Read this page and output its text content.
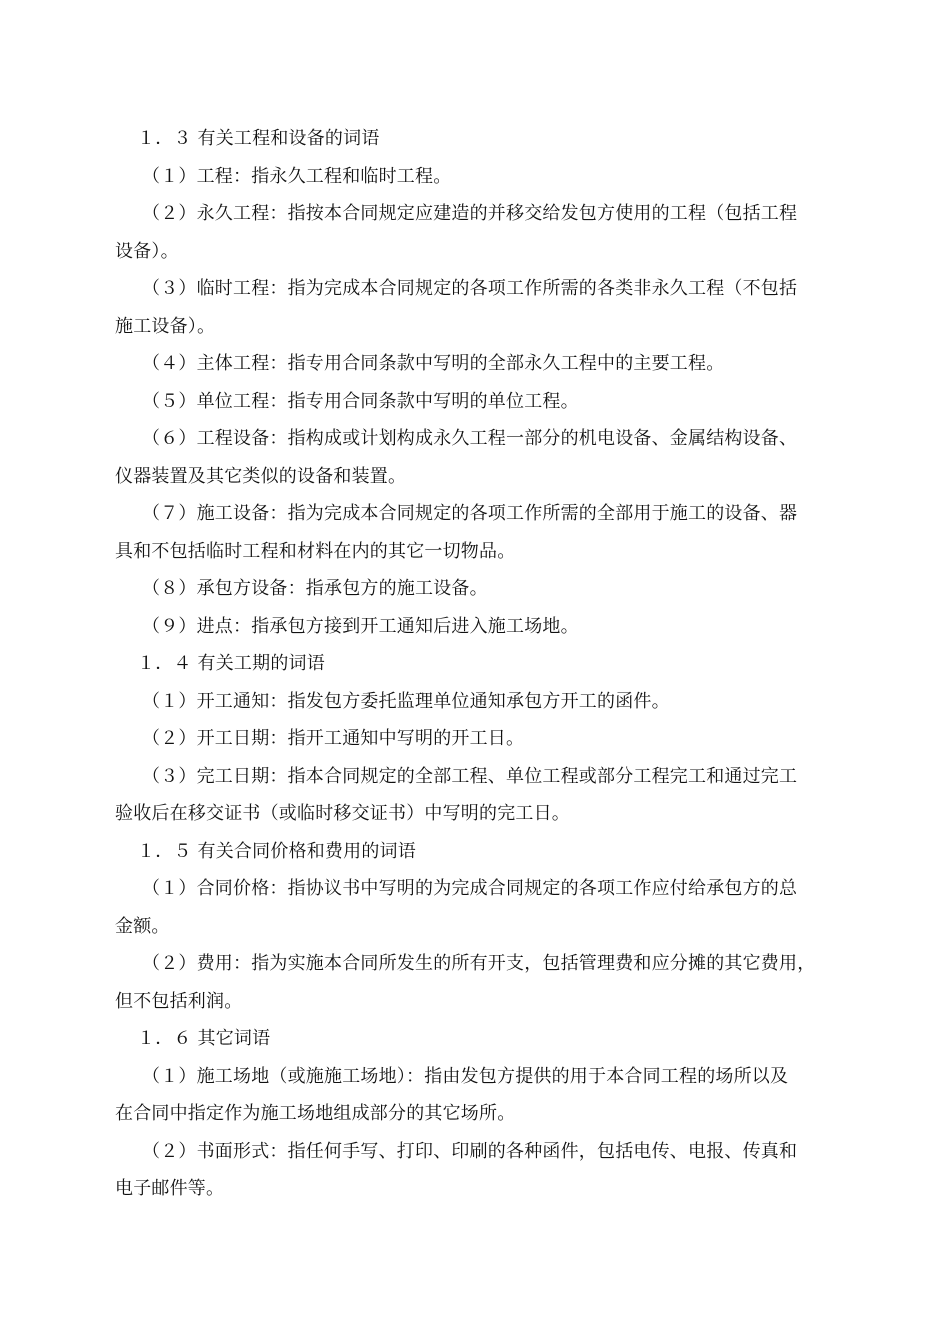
１．３ 有关工程和设备的词语

（１）工程：指永久工程和临时工程。

（２）永久工程：指按本合同规定应建造的并移交给发包方使用的工程（包括工程

设备）。

（３）临时工程：指为完成本合同规定的各项工作所需的各类非永久工程（不包括

施工设备）。

（４）主体工程：指专用合同条款中写明的全部永久工程中的主要工程。

（５）单位工程：指专用合同条款中写明的单位工程。

（６）工程设备：指构成或计划构成永久工程一部分的机电设备、金属结构设备、

仪器装置及其它类似的设备和装置。

（７）施工设备：指为完成本合同规定的各项工作所需的全部用于施工的设备、器

具和不包括临时工程和材料在内的其它一切物品。

（８）承包方设备：指承包方的施工设备。

（９）进点：指承包方接到开工通知后进入施工场地。

１．４ 有关工期的词语

（１）开工通知：指发包方委托监理单位通知承包方开工的函件。

（２）开工日期：指开工通知中写明的开工日。

（３）完工日期：指本合同规定的全部工程、单位工程或部分工程完工和通过完工

验收后在移交证书（或临时移交证书）中写明的完工日。

１．５ 有关合同价格和费用的词语

（１）合同价格：指协议书中写明的为完成合同规定的各项工作应付给承包方的总

金额。

（２）费用：指为实施本合同所发生的所有开支，包括管理费和应分摊的其它费用，

但不包括利润。

１．６ 其它词语

（１）施工场地（或施施工场地）：指由发包方提供的用于本合同工程的场所以及

在合同中指定作为施工场地组成部分的其它场所。

（２）书面形式：指任何手写、打印、印刷的各种函件，包括电传、电报、传真和

电子邮件等。
